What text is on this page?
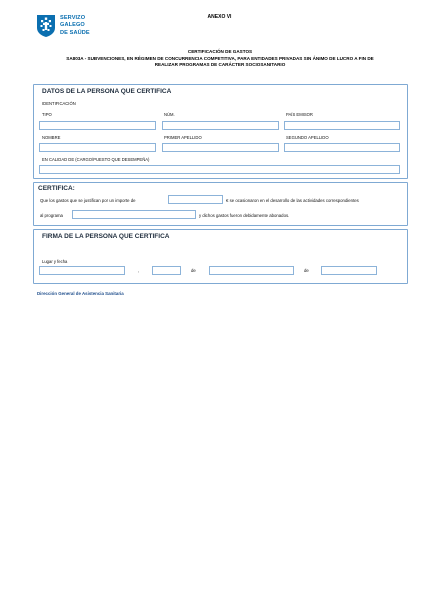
SERVIZO
GALEGO
DE SAÚDE
ANEXO VI
CERTIFICACIÓN DE GASTOS
SA803A - SUBVENCIONES, EN RÉGIMEN DE CONCURRENCIA COMPETITIVA, PARA ENTIDADES PRIVADAS SIN ÁNIMO DE LUCRO A FIN DE
REALIZAR PROGRAMAS DE CARÁCTER SOCIOSANITARIO
DATOS DE LA PERSONA QUE CERTIFICA
IDENTIFICACIÓN
TIPO	NÚM.	PAÍS EMISOR
NOMBRE	PRIMER APELLIDO	SEGUNDO APELLIDO
EN CALIDAD DE (CARGO/PUESTO QUE DESEMPEÑA)
CERTIFICA:
Que los gastos que se justifican por un importe de	€ se ocasionaron en el desarrollo de las actividades correspondientes
al programa	y dichos gastos fueron debidamente abonados.
FIRMA DE LA PERSONA QUE CERTIFICA
Lugar y fecha
,	de	de
Dirección General de Asistencia Sanitaria
